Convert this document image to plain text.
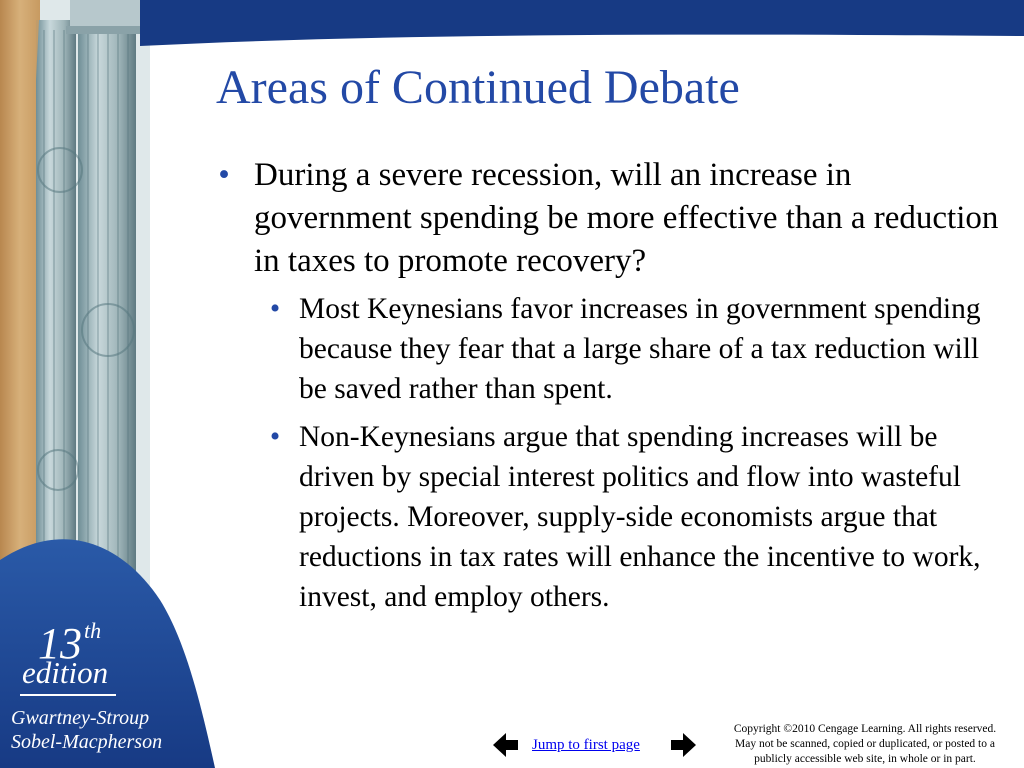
Areas of Continued Debate
• During a severe recession, will an increase in government spending be more effective than a reduction in taxes to promote recovery?
• Most Keynesians favor increases in government spending because they fear that a large share of a tax reduction will be saved rather than spent.
• Non-Keynesians argue that spending increases will be driven by special interest politics and flow into wasteful projects. Moreover, supply-side economists argue that reductions in tax rates will enhance the incentive to work, invest, and employ others.
13th
edition
Gwartney-Stroup
Sobel-Macpherson	Jump to first page
Copyright ©2010 Cengage Learning. All rights reserved.
May not be scanned, copied or duplicated, or posted to a
publicly accessible web site, in whole or in part.
